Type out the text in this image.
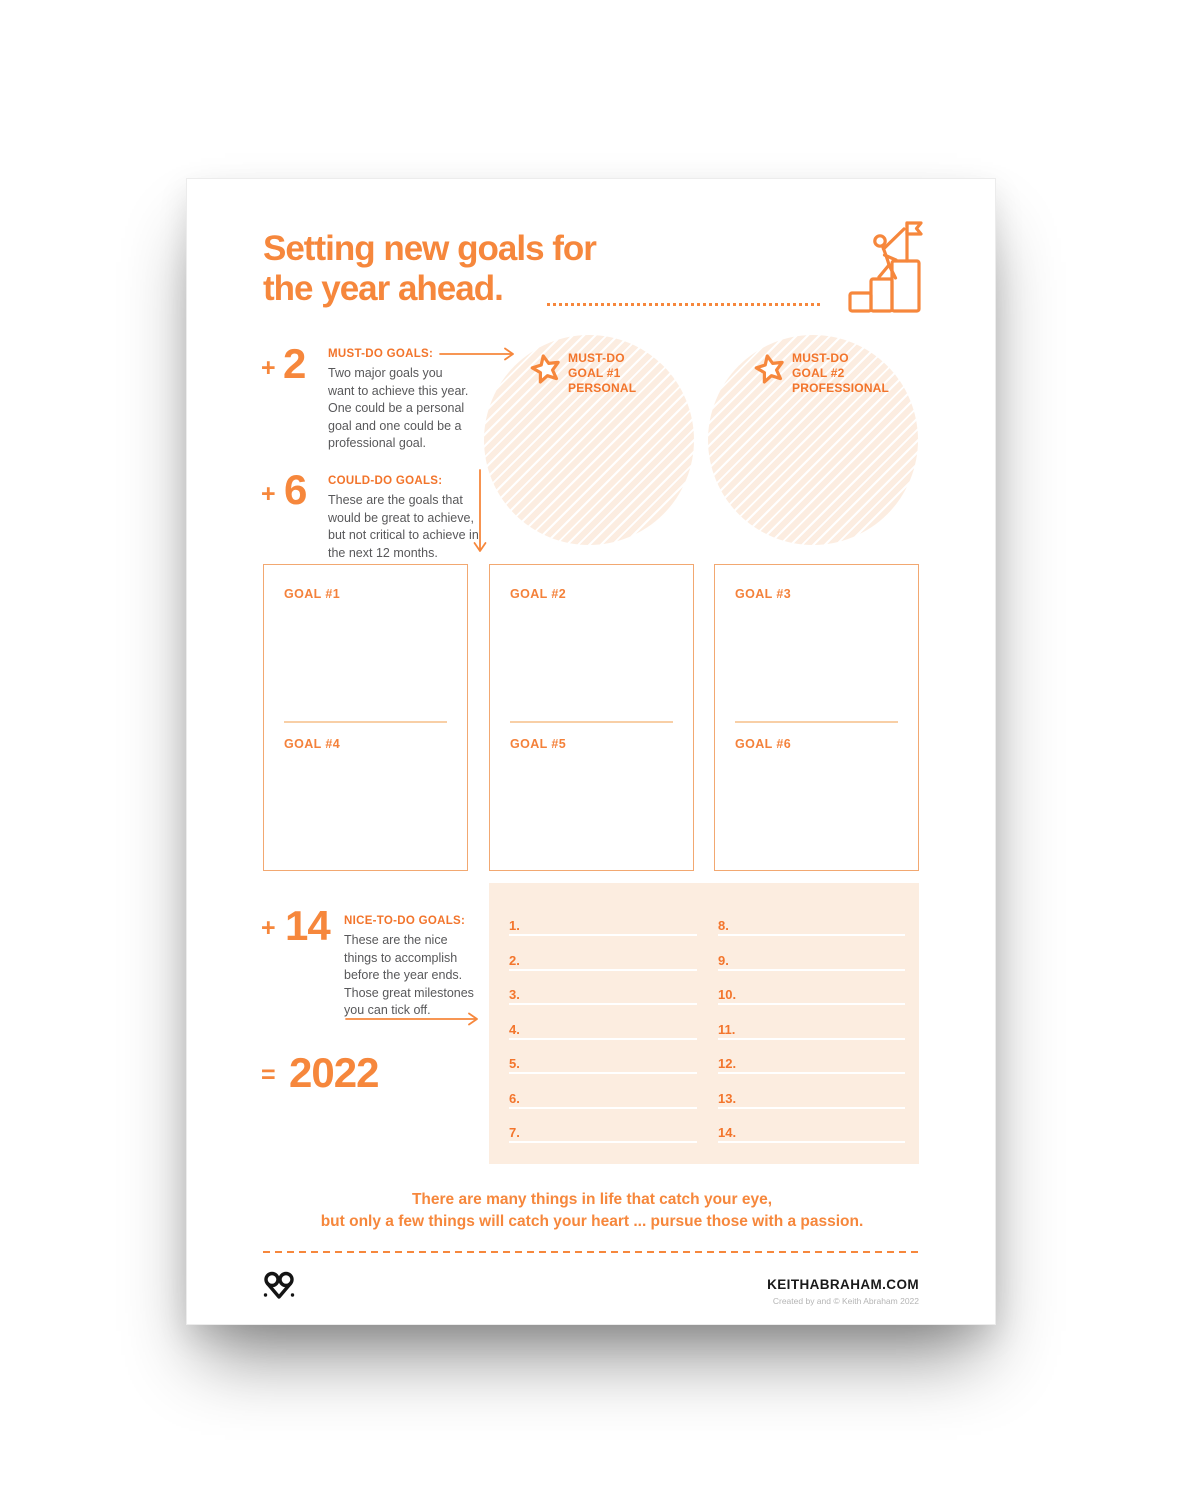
Setting new goals for
the year ahead.
+ 2 MUST-DO GOALS:
Two major goals you want to achieve this year. One could be a personal goal and one could be a professional goal.
+ 6 COULD-DO GOALS:
These are the goals that would be great to achieve, but not critical to achieve in the next 12 months.
MUST-DO
GOAL #1
PERSONAL
MUST-DO
GOAL #2
PROFESSIONAL
GOAL #1
GOAL #4
GOAL #2
GOAL #5
GOAL #3
GOAL #6
+ 14 NICE-TO-DO GOALS:
These are the nice things to accomplish before the year ends. Those great milestones you can tick off.
= 2022
1.
2.
3.
4.
5.
6.
7.
8.
9.
10.
11.
12.
13.
14.
There are many things in life that catch your eye,
but only a few things will catch your heart ... pursue those with a passion.
KEITHABRAHAM.COM
Created by and © Keith Abraham 2022
